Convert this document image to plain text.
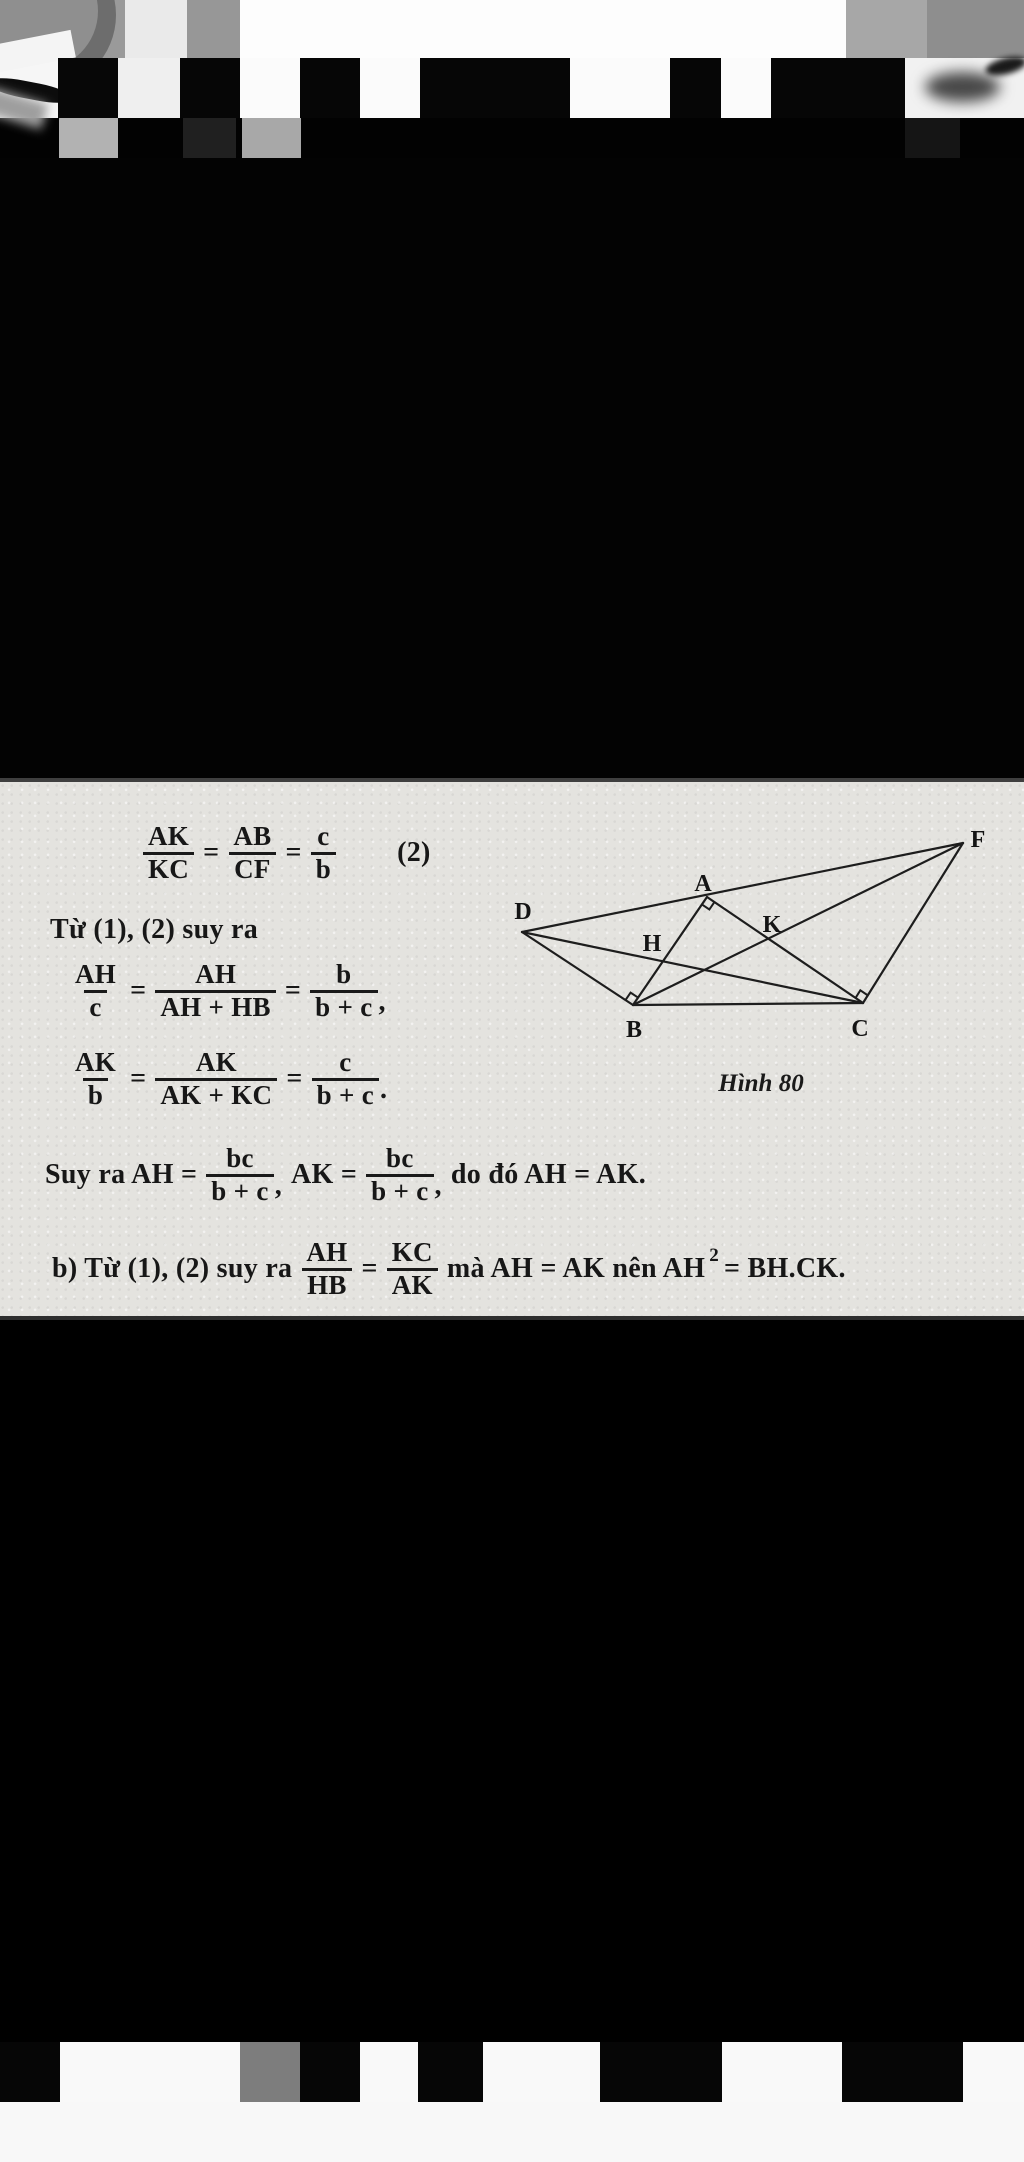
D
A
F
B	C
H
K
Hình 80
$\frac{AK}{KC} = \frac{AB}{CF} = \frac{c}{b} (2)$
Từ (1), (2) suy ra
$\frac{AH}{c} = \frac{AH}{AH + HB} = \frac{b}{b + c}$ ,
$\frac{AK}{b} = \frac{AK}{AK + KC} = \frac{c}{b + c}$ .
Suy ra AH = $\frac{bc}{b + c}$ , AK = $\frac{bc}{b + c}$ , do đó AH = AK.
b) Từ (1), (2) suy ra $\frac{AH}{HB} = \frac{KC}{AK}$ mà AH = AK nên AH 2 = BH.CK.
